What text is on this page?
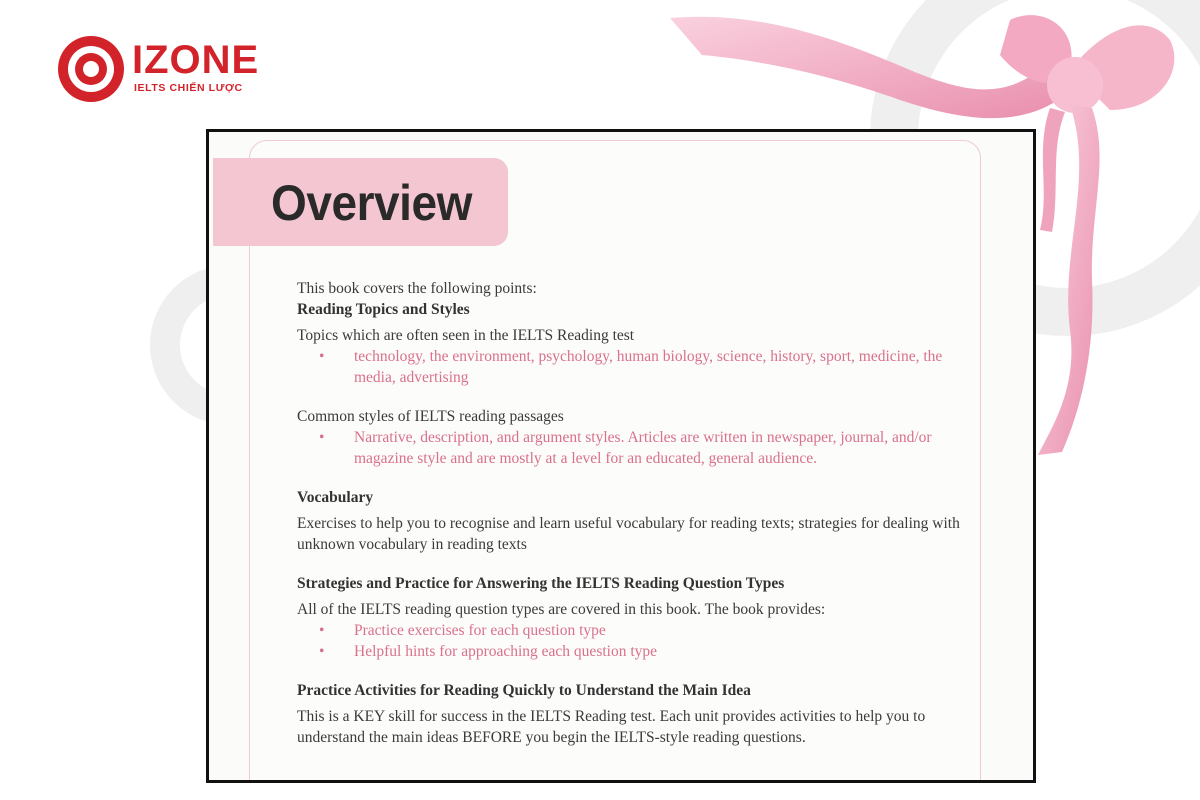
IZONE
IELTS CHIẾN LƯỢC
Overview

This book covers the following points:

Reading Topics and Styles

Topics which are often seen in the IELTS Reading test

• technology, the environment, psychology, human biology, science, history, sport, medicine, the media, advertising

Common styles of IELTS reading passages

• Narrative, description, and argument styles. Articles are written in newspaper, journal, and/or magazine style and are mostly at a level for an educated, general audience.

Vocabulary

Exercises to help you to recognise and learn useful vocabulary for reading texts; strategies for dealing with unknown vocabulary in reading texts

Strategies and Practice for Answering the IELTS Reading Question Types

All of the IELTS reading question types are covered in this book. The book provides:

• Practice exercises for each question type
• Helpful hints for approaching each question type

Practice Activities for Reading Quickly to Understand the Main Idea

This is a KEY skill for success in the IELTS Reading test. Each unit provides activities to help you to understand the main ideas BEFORE you begin the IELTS-style reading questions.
